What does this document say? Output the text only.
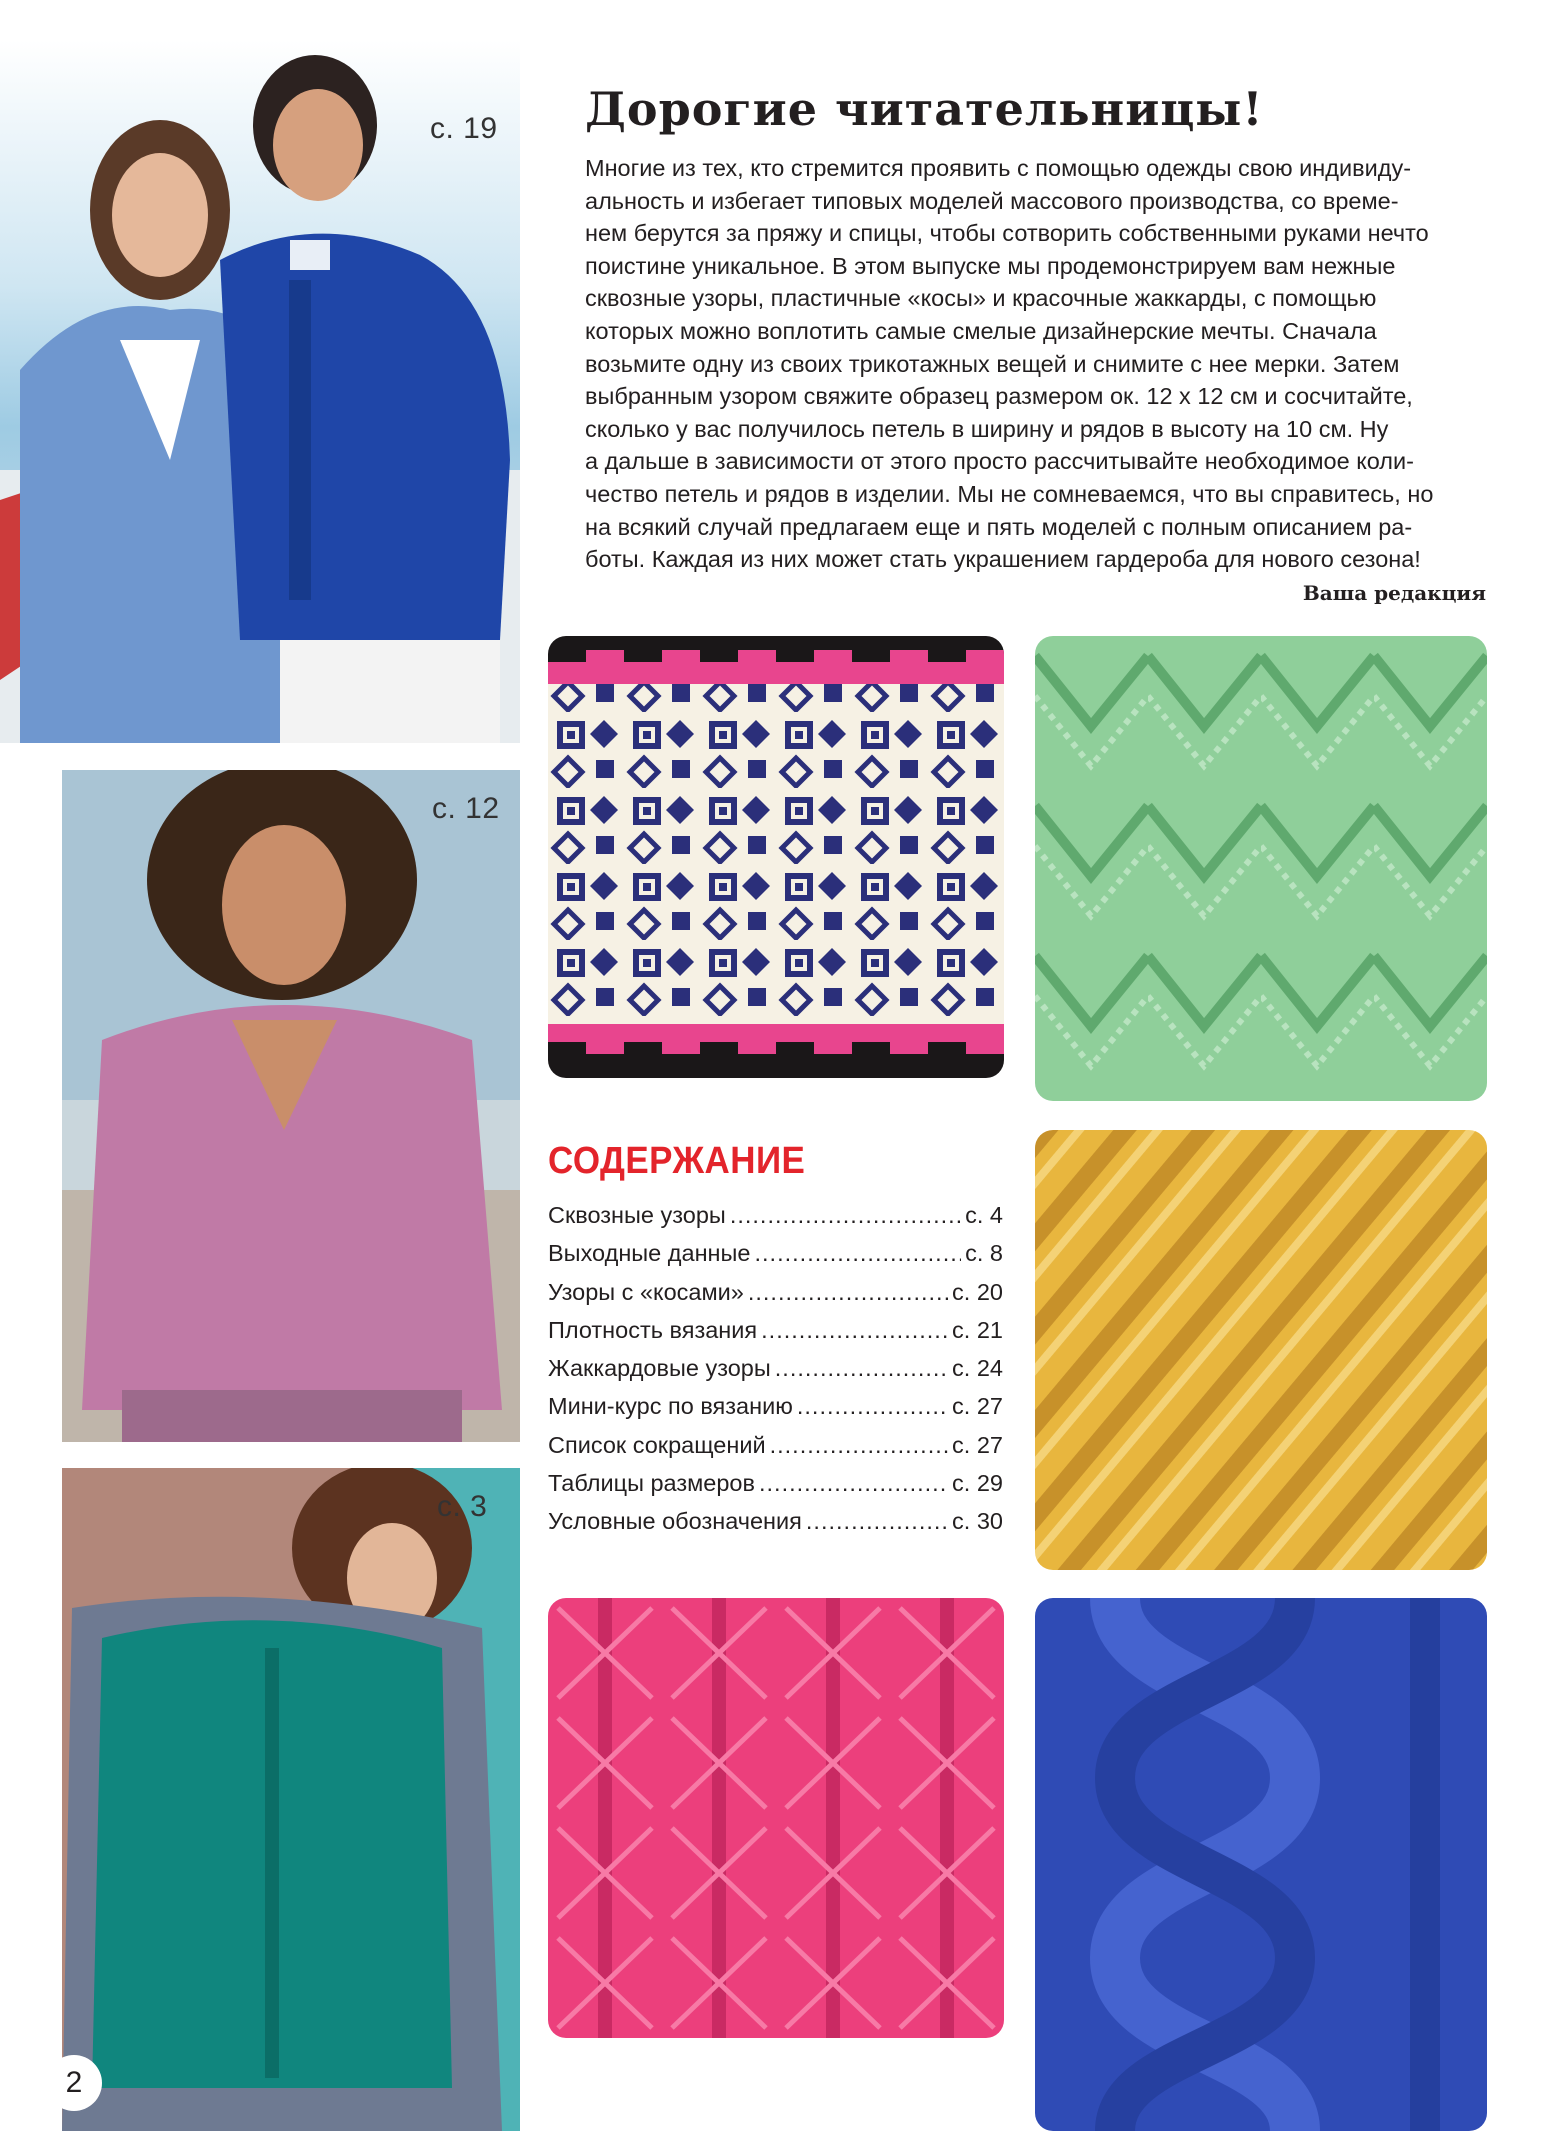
с. 19
с. 12
с. 3
2
Дорогие читательницы!
Многие из тех, кто стремится проявить с помощью одежды свою индивиду-
альность и избегает типовых моделей массового производства, со време-
нем берутся за пряжу и спицы, чтобы сотворить собственными руками нечто
поистине уникальное. В этом выпуске мы продемонстрируем вам нежные
сквозные узоры, пластичные «косы» и красочные жаккарды, с помощью
которых можно воплотить самые смелые дизайнерские мечты. Сначала
возьмите одну из своих трикотажных вещей и снимите с нее мерки. Затем
выбранным узором свяжите образец размером ок. 12 х 12 см и сосчитайте,
сколько у вас получилось петель в ширину и рядов в высоту на 10 см. Ну
а дальше в зависимости от этого просто рассчитывайте необходимое коли-
чество петель и рядов в изделии. Мы не сомневаемся, что вы справитесь, но
на всякий случай предлагаем еще и пять моделей с полным описанием ра-
боты. Каждая из них может стать украшением гардероба для нового сезона!
Ваша редакция
СОДЕРЖАНИЕ
Сквозные узоры .....	с. 4
Выходные данные .....	с. 8
Узоры с «косами» .....	с. 20
Плотность вязания .....	с. 21
Жаккардовые узоры .....	с. 24
Мини-курс по вязанию .....	с. 27
Список сокращений .....	с. 27
Таблицы размеров .....	с. 29
Условные обозначения .....	с. 30
